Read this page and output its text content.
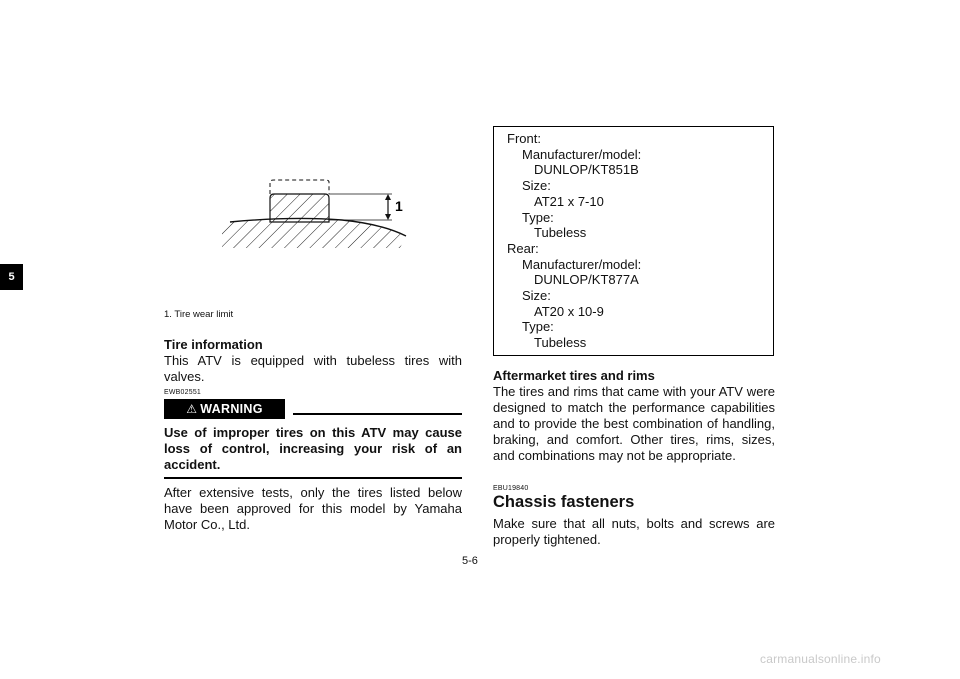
5
1
1. Tire wear limit

Tire information

This ATV is equipped with tubeless tires with valves.

EWB02551
⚠ WARNING

Use of improper tires on this ATV may cause loss of control, increasing your risk of an accident.

After extensive tests, only the tires listed below have been approved for this model by Yamaha Motor Co., Ltd.

Front:
Manufacturer/model:
DUNLOP/KT851B
Size:
AT21 x 7-10
Type:
Tubeless
Rear:
Manufacturer/model:
DUNLOP/KT877A
Size:
AT20 x 10-9
Type:
Tubeless

Aftermarket tires and rims

The tires and rims that came with your ATV were designed to match the performance capabilities and to provide the best combination of handling, braking, and comfort. Other tires, rims, sizes, and combinations may not be appropriate.

EBU19840

Chassis fasteners

Make sure that all nuts, bolts and screws are properly tightened.

5-6
carmanualsonline.info
